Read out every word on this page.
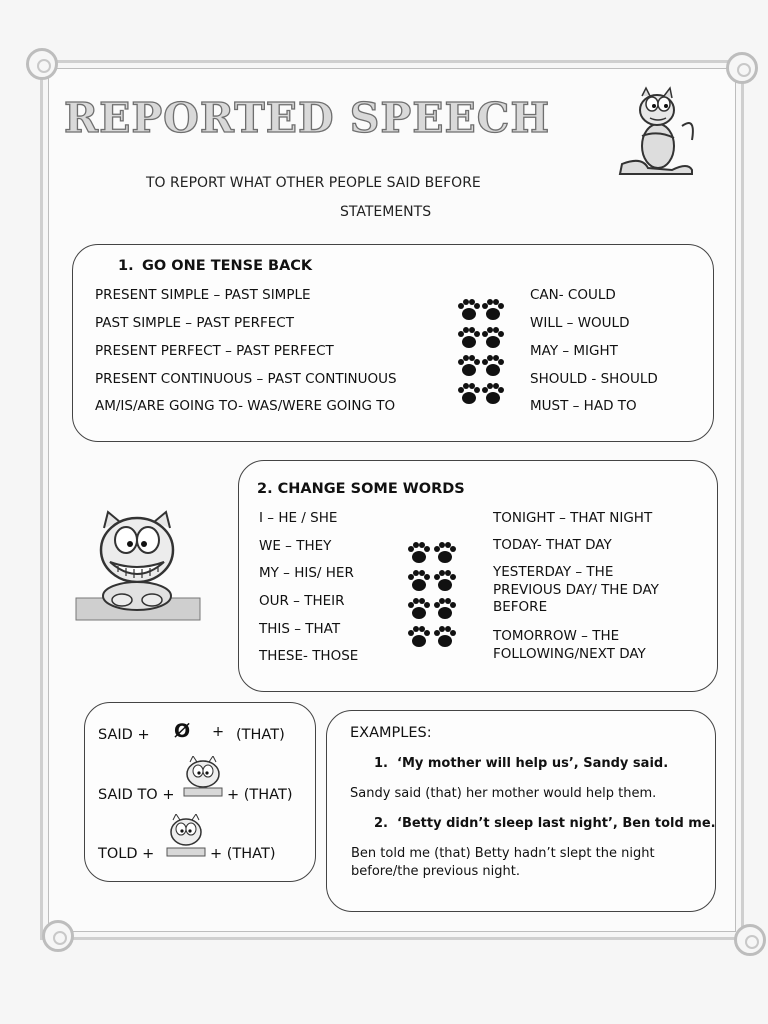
REPORTED SPEECH
TO REPORT WHAT OTHER PEOPLE SAID BEFORE
STATEMENTS
1. GO ONE TENSE BACK
PRESENT SIMPLE – PAST SIMPLE
PAST SIMPLE – PAST PERFECT
PRESENT PERFECT – PAST PERFECT
PRESENT CONTINUOUS – PAST CONTINUOUS
AM/IS/ARE GOING TO- WAS/WERE GOING TO
CAN- COULD
WILL – WOULD
MAY – MIGHT
SHOULD - SHOULD
MUST – HAD TO
2. CHANGE SOME WORDS
I – HE / SHE
WE – THEY
MY – HIS/ HER
OUR – THEIR
THIS – THAT
THESE- THOSE
TONIGHT – THAT NIGHT
TODAY- THAT DAY
YESTERDAY – THE
PREVIOUS DAY/ THE DAY
BEFORE
TOMORROW – THE
FOLLOWING/NEXT DAY
SAID + Ø + (THAT)
SAID TO +	+ (THAT)
TOLD +	+ (THAT)
EXAMPLES:
1. ‘My mother will help us’, Sandy said.
Sandy said (that) her mother would help them.
2. ‘Betty didn’t sleep last night’, Ben told me.
Ben told me (that) Betty hadn’t slept the night
before/the previous night.
